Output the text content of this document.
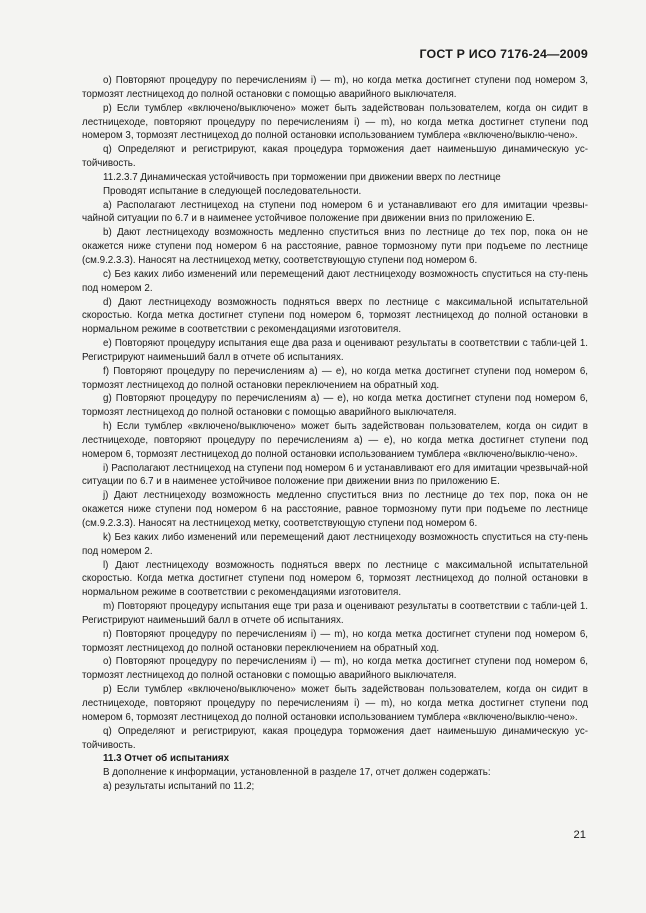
ГОСТ Р ИСО 7176-24—2009

о) Повторяют процедуру по перечислениям i) — m), но когда метка достигнет ступени под номером 3, тормозят лестницеход до полной остановки с помощью аварийного выключателя.

р) Если тумблер «включено/выключено» может быть задействован пользователем, когда он сидит в лестницеходе, повторяют процедуру по перечислениям i) — m), но когда метка достигнет ступени под номером 3, тормозят лестницеход до полной остановки использованием тумблера «включено/выклю-чено».

q) Определяют и регистрируют, какая процедура торможения дает наименьшую динамическую ус-тойчивость.

11.2.3.7 Динамическая устойчивость при торможении при движении вверх по лестнице

Проводят испытание в следующей последовательности.

а) Располагают лестницеход на ступени под номером 6 и устанавливают его для имитации чрезвы-чайной ситуации по 6.7 и в наименее устойчивое положение при движении вниз по приложению Е.

b) Дают лестницеходу возможность медленно спуститься вниз по лестнице до тех пор, пока он не окажется ниже ступени под номером 6 на расстояние, равное тормозному пути при подъеме по лестнице (см.9.2.3.3). Наносят на лестницеход метку, соответствующую ступени под номером 6.

с) Без каких либо изменений или перемещений дают лестницеходу возможность спуститься на сту-пень под номером 2.

d) Дают лестницеходу возможность подняться вверх по лестнице с максимальной испытательной скоростью. Когда метка достигнет ступени под номером 6, тормозят лестницеход до полной остановки в нормальном режиме в соответствии с рекомендациями изготовителя.

е) Повторяют процедуру испытания еще два раза и оценивают результаты в соответствии с табли-цей 1. Регистрируют наименьший балл в отчете об испытаниях.

f) Повторяют процедуру по перечислениям а) — е), но когда метка достигнет ступени под номером 6, тормозят лестницеход до полной остановки переключением на обратный ход.

g) Повторяют процедуру по перечислениям а) — е), но когда метка достигнет ступени под номером 6, тормозят лестницеход до полной остановки с помощью аварийного выключателя.

h) Если тумблер «включено/выключено» может быть задействован пользователем, когда он сидит в лестницеходе, повторяют процедуру по перечислениям а) — е), но когда метка достигнет ступени под номером 6, тормозят лестницеход до полной остановки использованием тумблера «включено/выклю-чено».

i) Располагают лестницеход на ступени под номером 6 и устанавливают его для имитации чрезвычай-ной ситуации по 6.7 и в наименее устойчивое положение при движении вниз по приложению Е.

j) Дают лестницеходу возможность медленно спуститься вниз по лестнице до тех пор, пока он не окажется ниже ступени под номером 6 на расстояние, равное тормозному пути при подъеме по лестнице (см.9.2.3.3). Наносят на лестницеход метку, соответствующую ступени под номером 6.

k) Без каких либо изменений или перемещений дают лестницеходу возможность спуститься на сту-пень под номером 2.

l) Дают лестницеходу возможность подняться вверх по лестнице с максимальной испытательной скоростью. Когда метка достигнет ступени под номером 6, тормозят лестницеход до полной остановки в нормальном режиме в соответствии с рекомендациями изготовителя.

m) Повторяют процедуру испытания еще три раза и оценивают результаты в соответствии с табли-цей 1. Регистрируют наименьший балл в отчете об испытаниях.

n) Повторяют процедуру по перечислениям i) — m), но когда метка достигнет ступени под номером 6, тормозят лестницеход до полной остановки переключением на обратный ход.

о) Повторяют процедуру по перечислениям i) — m), но когда метка достигнет ступени под номером 6, тормозят лестницеход до полной остановки с помощью аварийного выключателя.

р) Если тумблер «включено/выключено» может быть задействован пользователем, когда он сидит в лестницеходе, повторяют процедуру по перечислениям i) — m), но когда метка достигнет ступени под номером 6, тормозят лестницеход до полной остановки использованием тумблера «включено/выклю-чено».

q) Определяют и регистрируют, какая процедура торможения дает наименьшую динамическую ус-тойчивость.

11.3 Отчет об испытаниях

В дополнение к информации, установленной в разделе 17, отчет должен содержать:

а) результаты испытаний по 11.2;

21
